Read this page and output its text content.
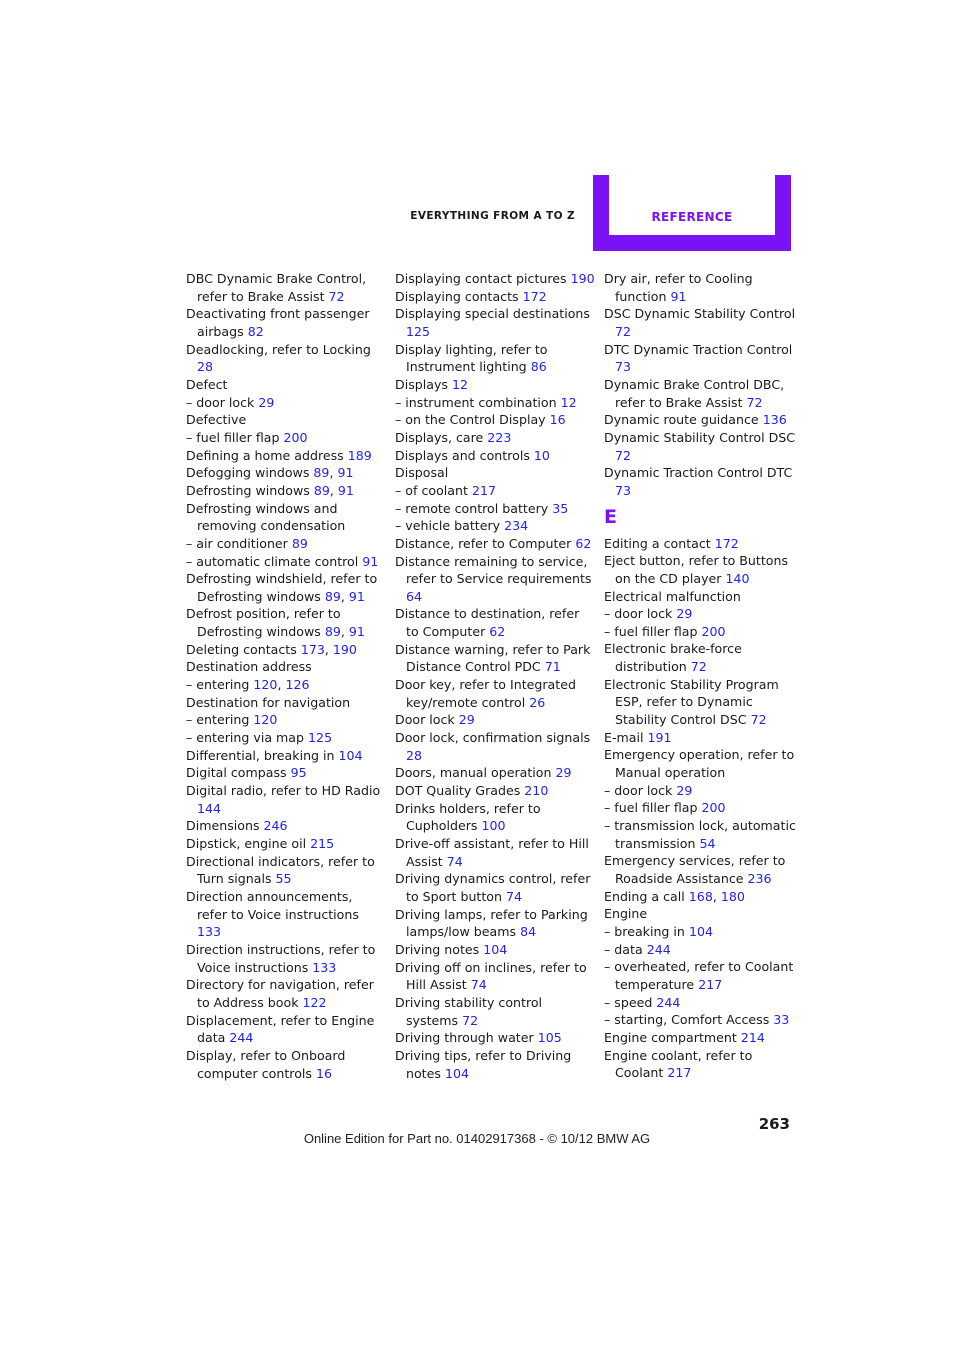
EVERYTHING FROM A TO Z	REFERENCE
DBC Dynamic Brake Control, refer to Brake Assist 72
Deactivating front passenger airbags 82
Deadlocking, refer to Locking 28
Defect
– door lock 29
Defective
– fuel filler flap 200
Defining a home address 189
Defogging windows 89, 91
Defrosting windows 89, 91
Defrosting windows and removing condensation
– air conditioner 89
– automatic climate control 91
Defrosting windshield, refer to Defrosting windows 89, 91
Defrost position, refer to Defrosting windows 89, 91
Deleting contacts 173, 190
Destination address
– entering 120, 126
Destination for navigation
– entering 120
– entering via map 125
Differential, breaking in 104
Digital compass 95
Digital radio, refer to HD Radio 144
Dimensions 246
Dipstick, engine oil 215
Directional indicators, refer to Turn signals 55
Direction announcements, refer to Voice instructions 133
Direction instructions, refer to Voice instructions 133
Directory for navigation, refer to Address book 122
Displacement, refer to Engine data 244
Display, refer to Onboard computer controls 16
Displaying contact pictures 190
Displaying contacts 172
Displaying special destinations 125
Display lighting, refer to Instrument lighting 86
Displays 12
– instrument combination 12
– on the Control Display 16
Displays, care 223
Displays and controls 10
Disposal
– of coolant 217
– remote control battery 35
– vehicle battery 234
Distance, refer to Computer 62
Distance remaining to service, refer to Service requirements 64
Distance to destination, refer to Computer 62
Distance warning, refer to Park Distance Control PDC 71
Door key, refer to Integrated key/remote control 26
Door lock 29
Door lock, confirmation signals 28
Doors, manual operation 29
DOT Quality Grades 210
Drinks holders, refer to Cupholders 100
Drive-off assistant, refer to Hill Assist 74
Driving dynamics control, refer to Sport button 74
Driving lamps, refer to Parking lamps/low beams 84
Driving notes 104
Driving off on inclines, refer to Hill Assist 74
Driving stability control systems 72
Driving through water 105
Driving tips, refer to Driving notes 104
Dry air, refer to Cooling function 91
DSC Dynamic Stability Control 72
DTC Dynamic Traction Control 73
Dynamic Brake Control DBC, refer to Brake Assist 72
Dynamic route guidance 136
Dynamic Stability Control DSC 72
Dynamic Traction Control DTC 73
E
Editing a contact 172
Eject button, refer to Buttons on the CD player 140
Electrical malfunction
– door lock 29
– fuel filler flap 200
Electronic brake-force distribution 72
Electronic Stability Program ESP, refer to Dynamic Stability Control DSC 72
E-mail 191
Emergency operation, refer to Manual operation
– door lock 29
– fuel filler flap 200
– transmission lock, automatic transmission 54
Emergency services, refer to Roadside Assistance 236
Ending a call 168, 180
Engine
– breaking in 104
– data 244
– overheated, refer to Coolant temperature 217
– speed 244
– starting, Comfort Access 33
Engine compartment 214
Engine coolant, refer to Coolant 217
263
Online Edition for Part no. 01402917368 - © 10/12 BMW AG
